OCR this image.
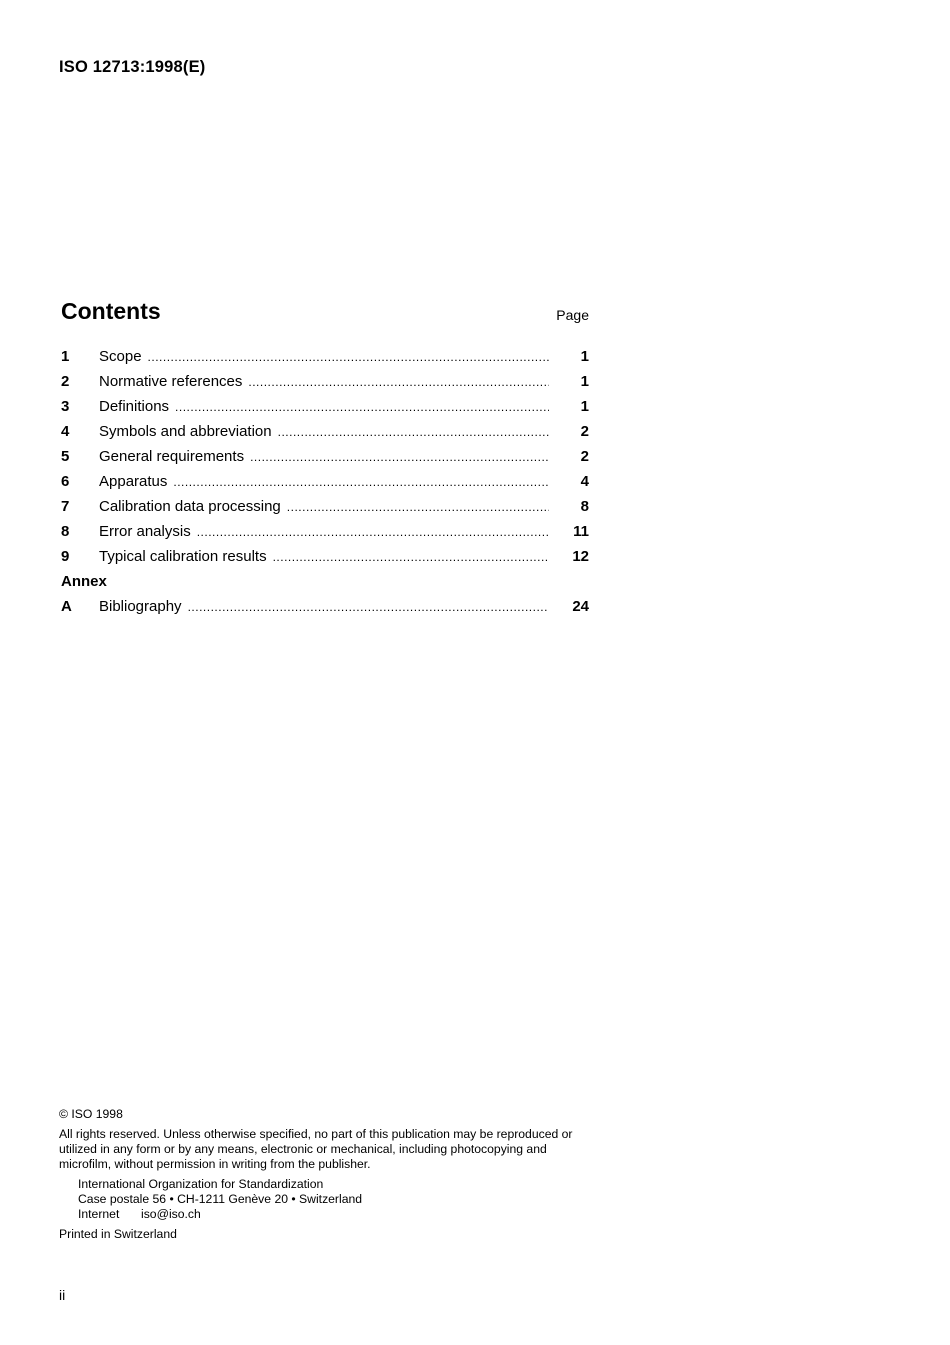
ISO 12713:1998(E)
Contents	Page
1	Scope .....	1
2	Normative references .....	1
3	Definitions .....	1
4	Symbols and abbreviation .....	2
5	General requirements .....	2
6	Apparatus .....	4
7	Calibration data processing .....	8
8	Error analysis .....	11
9	Typical calibration results .....	12
Annex
A	Bibliography .....	24
© ISO 1998
All rights reserved. Unless otherwise specified, no part of this publication may be reproduced or utilized in any form or by any means, electronic or mechanical, including photocopying and microfilm, without permission in writing from the publisher.
International Organization for Standardization
Case postale 56 • CH-1211 Genève 20 • Switzerland
Internet iso@iso.ch
Printed in Switzerland
ii
